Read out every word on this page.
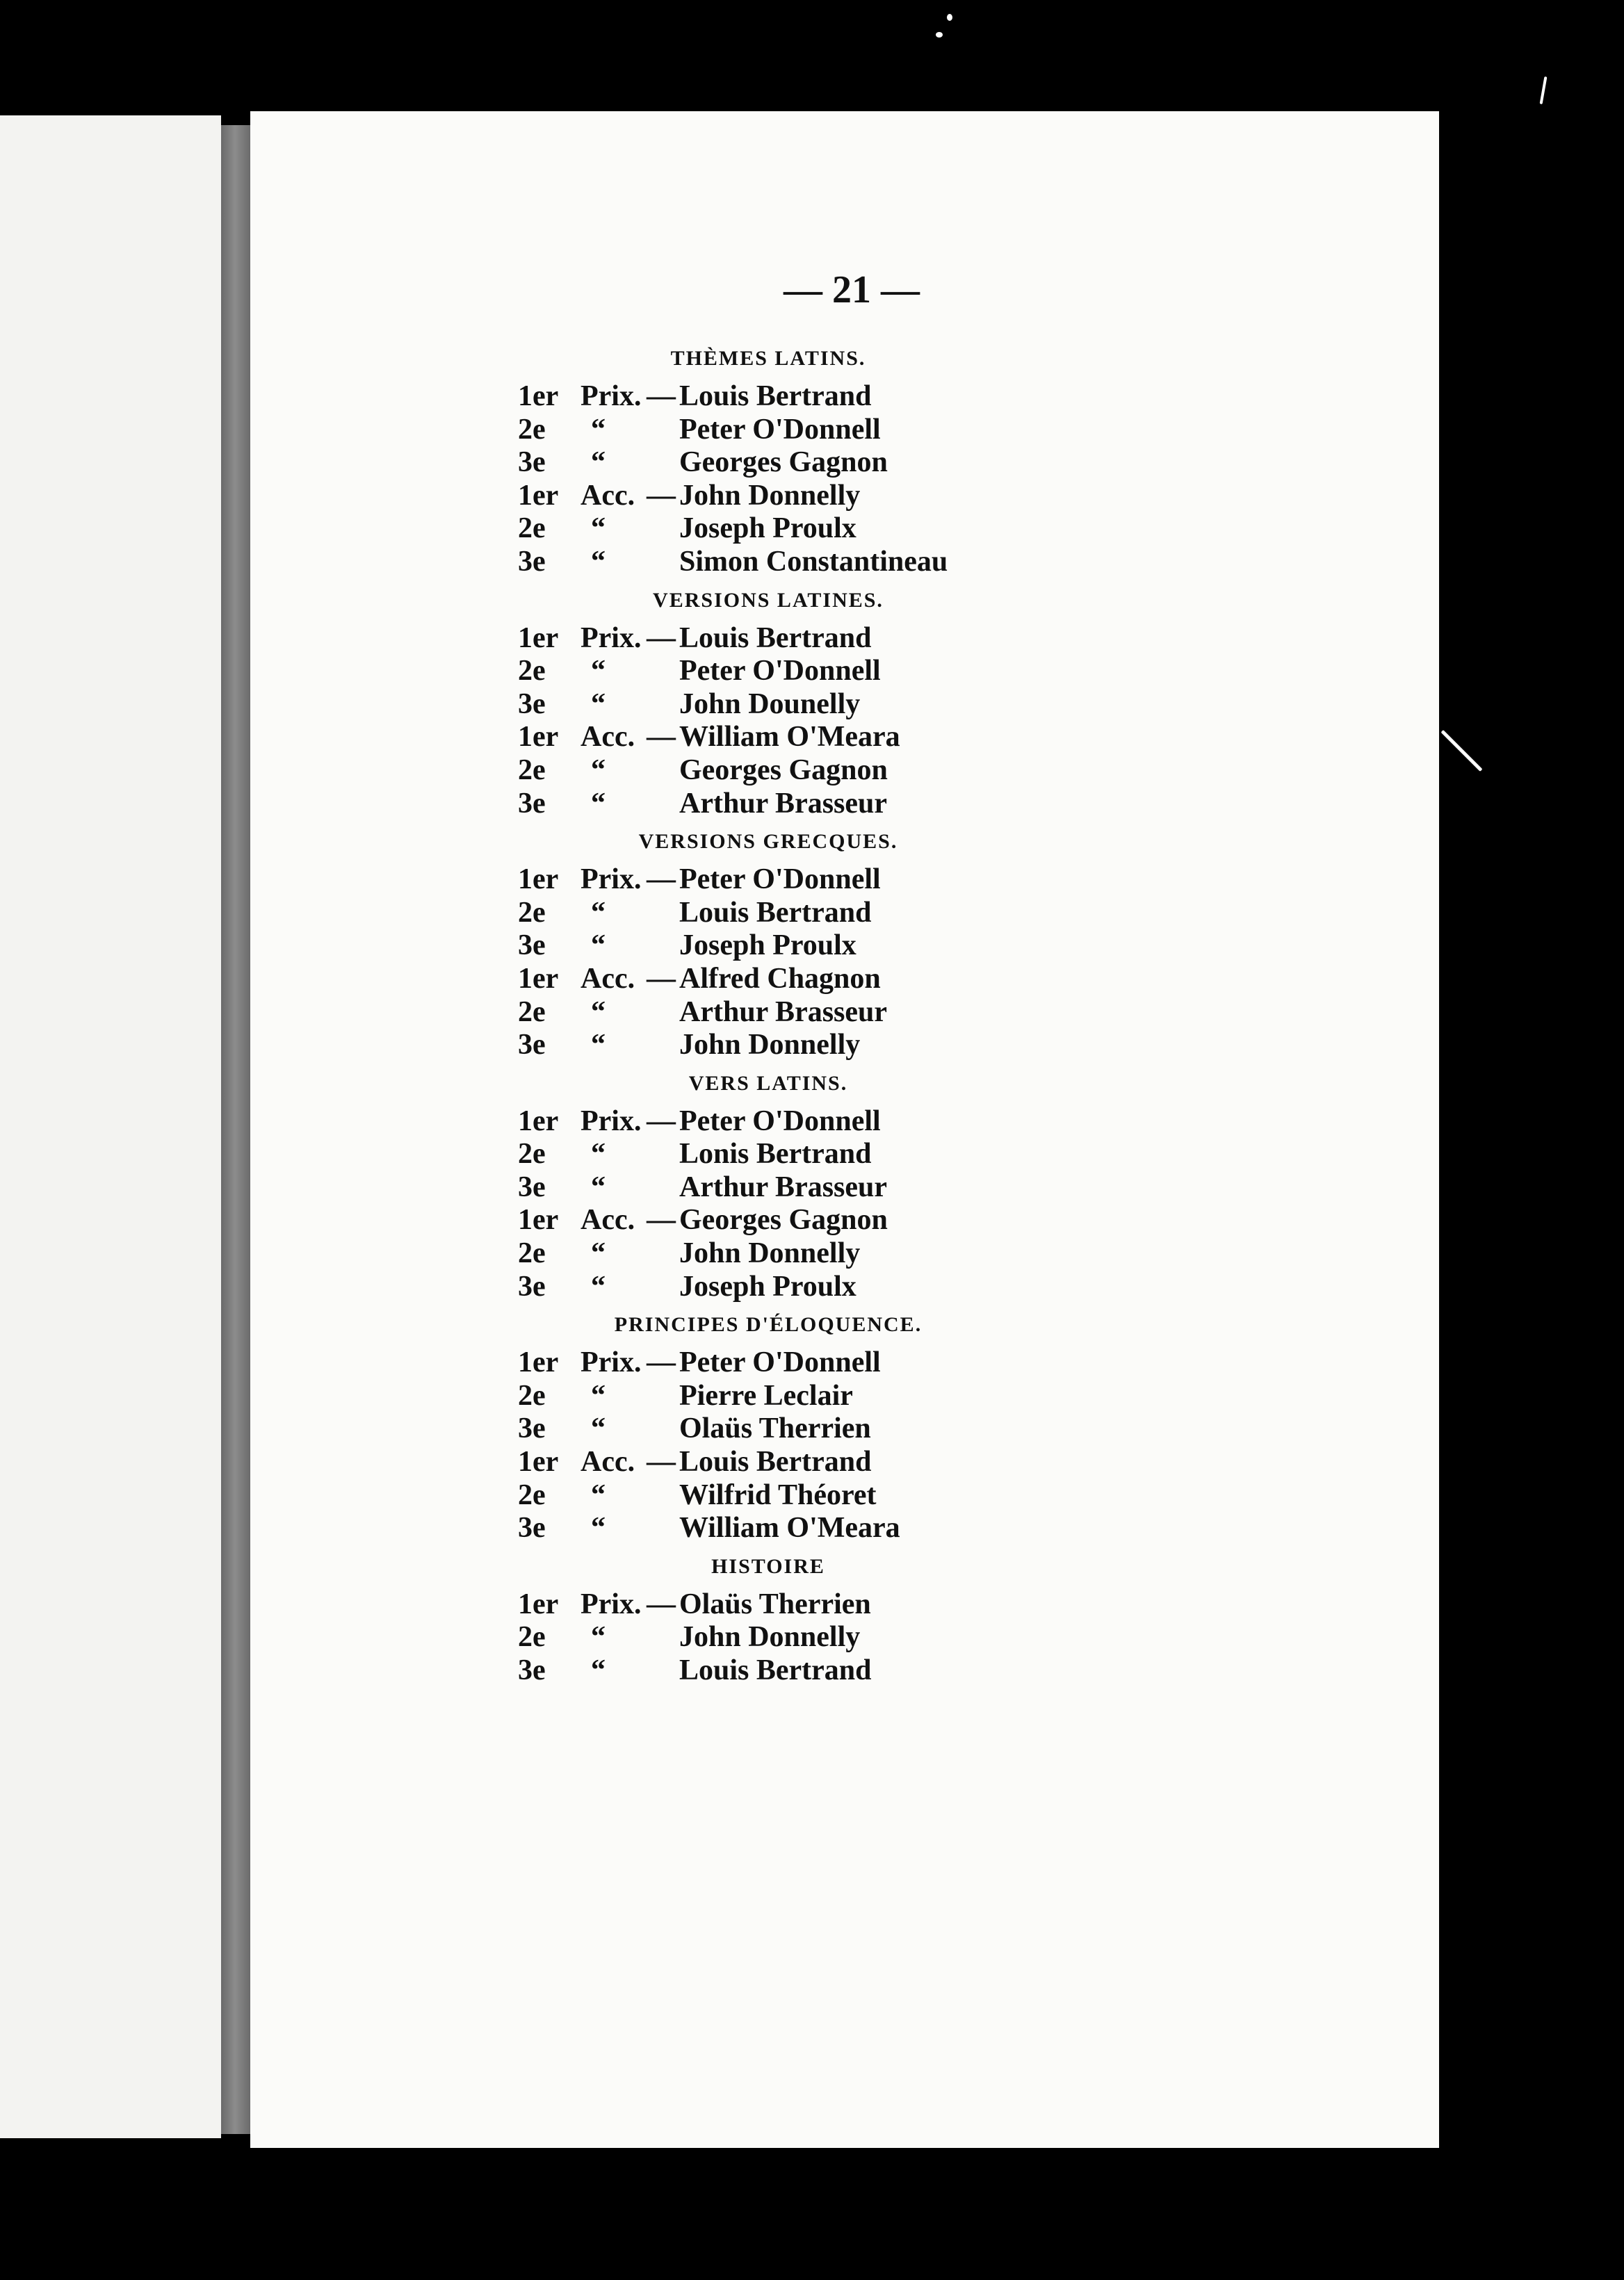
— 21 —
THÈMES LATINS.
1er Prix. — Louis Bertrand
2e “	Peter O'Donnell
3e “	Georges Gagnon
1er Acc. — John Donnelly
2e “	Joseph Proulx
3e “	Simon Constantineau
VERSIONS LATINES.
1er Prix. — Louis Bertrand
2e “	Peter O'Donnell
3e “	John Dounelly
1er Acc. — William O'Meara
2e “	Georges Gagnon
3e “	Arthur Brasseur
VERSIONS GRECQUES.
1er Prix. — Peter O'Donnell
2e “	Louis Bertrand
3e “	Joseph Proulx
1er Acc. — Alfred Chagnon
2e “	Arthur Brasseur
3e “	John Donnelly
VERS LATINS.
1er Prix. — Peter O'Donnell
2e “	Lonis Bertrand
3e “	Arthur Brasseur
1er Acc. — Georges Gagnon
2e “	John Donnelly
3e “	Joseph Proulx
PRINCIPES D'ÉLOQUENCE.
1er Prix. — Peter O'Donnell
2e “	Pierre Leclair
3e “	Olaüs Therrien
1er Acc. — Louis Bertrand
2e “	Wilfrid Théoret
3e “	William O'Meara
HISTOIRE
1er Prix. — Olaüs Therrien
2e “	John Donnelly
3e “	Louis Bertrand
